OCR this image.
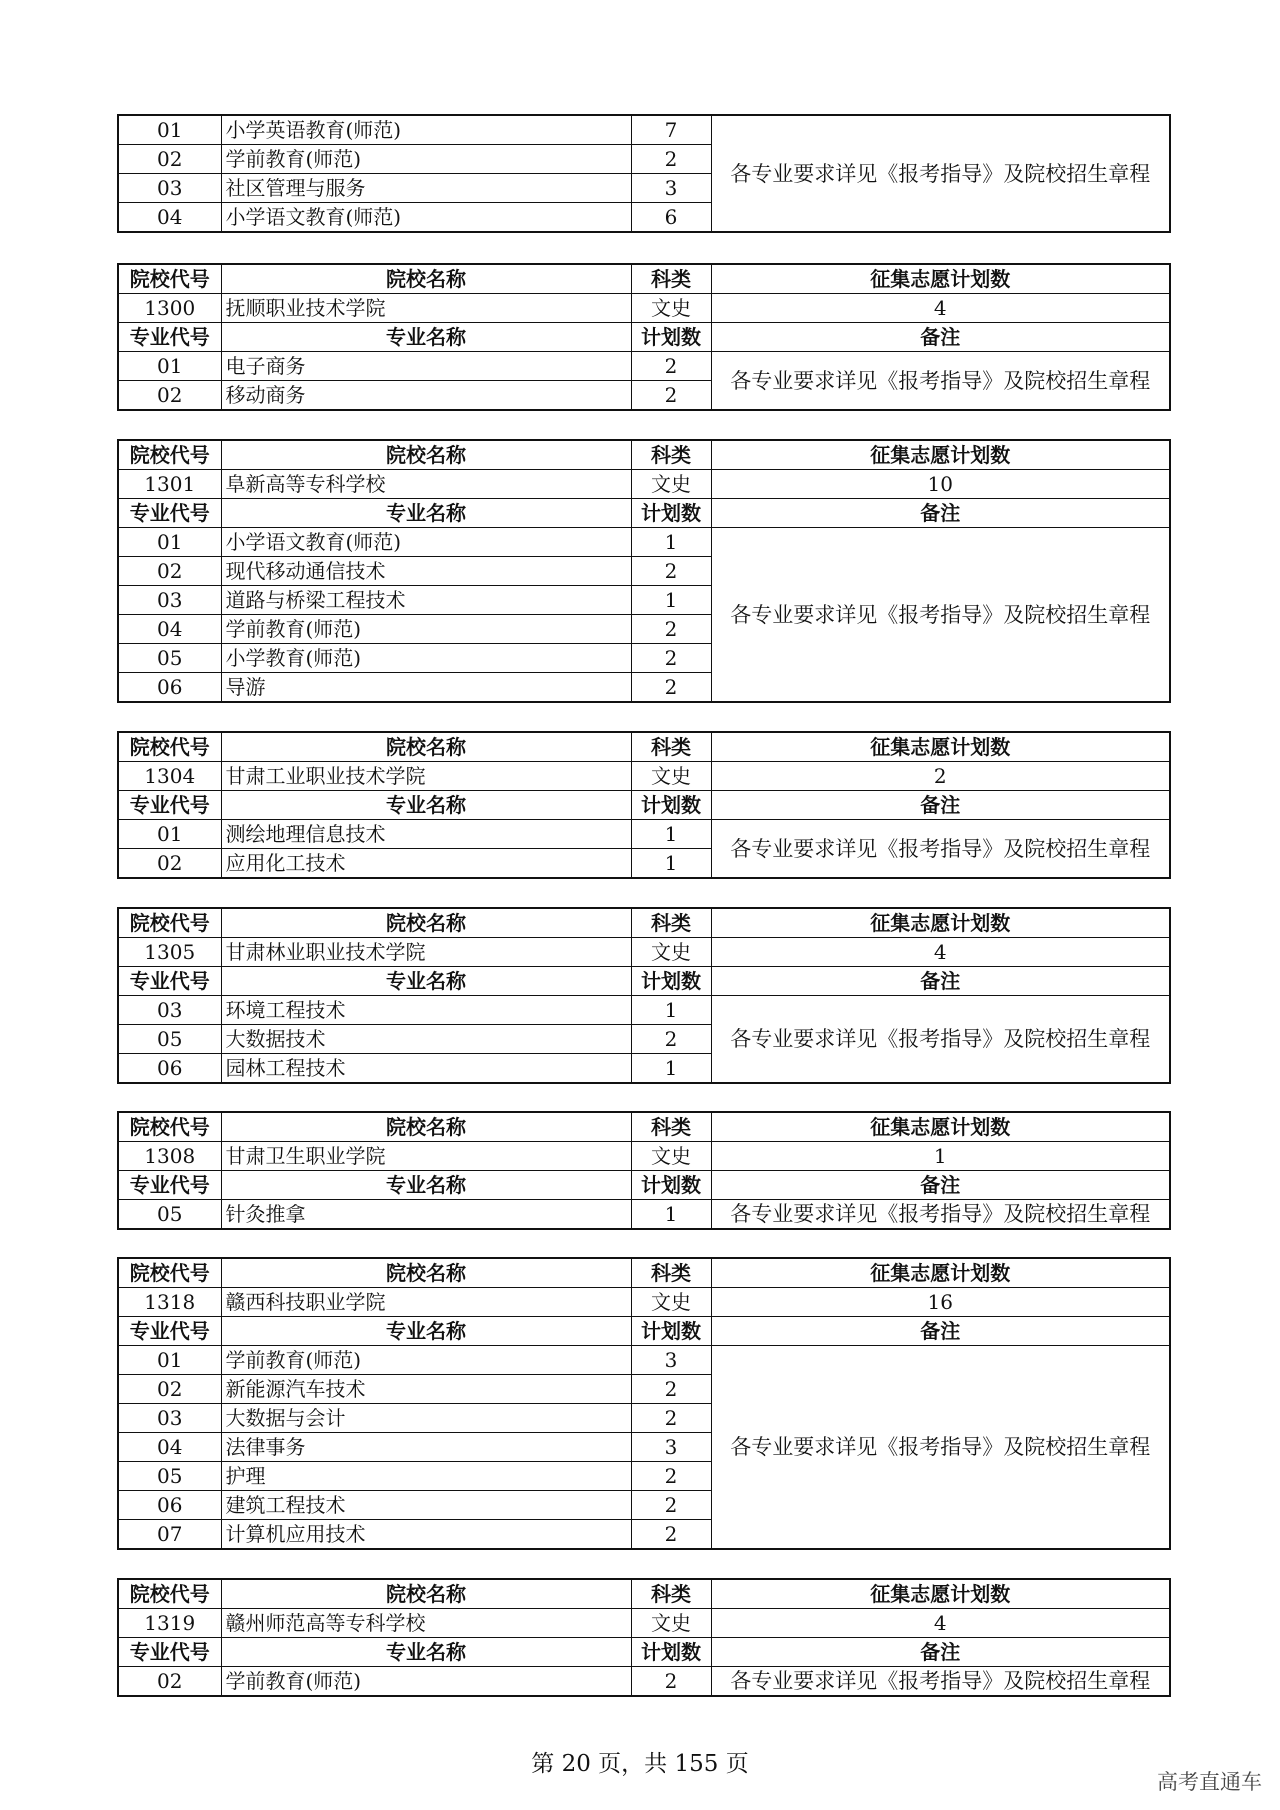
01	小学英语教育(师范)	7	各专业要求详见《报考指导》及院校招生章程
02	学前教育(师范)	2	
03	社区管理与服务	3	
04	小学语文教育(师范)	6	
院校代号	院校名称	科类	征集志愿计划数
1300	抚顺职业技术学院	文史	4
专业代号	专业名称	计划数	备注
01	电子商务	2	各专业要求详见《报考指导》及院校招生章程
02	移动商务	2	
院校代号	院校名称	科类	征集志愿计划数
1301	阜新高等专科学校	文史	10
专业代号	专业名称	计划数	备注
01	小学语文教育(师范)	1	各专业要求详见《报考指导》及院校招生章程
02	现代移动通信技术	2	
03	道路与桥梁工程技术	1	
04	学前教育(师范)	2	
05	小学教育(师范)	2	
06	导游	2	
院校代号	院校名称	科类	征集志愿计划数
1304	甘肃工业职业技术学院	文史	2
专业代号	专业名称	计划数	备注
01	测绘地理信息技术	1	各专业要求详见《报考指导》及院校招生章程
02	应用化工技术	1	
院校代号	院校名称	科类	征集志愿计划数
1305	甘肃林业职业技术学院	文史	4
专业代号	专业名称	计划数	备注
03	环境工程技术	1	各专业要求详见《报考指导》及院校招生章程
05	大数据技术	2	
06	园林工程技术	1	
院校代号	院校名称	科类	征集志愿计划数
1308	甘肃卫生职业学院	文史	1
专业代号	专业名称	计划数	备注
05	针灸推拿	1	各专业要求详见《报考指导》及院校招生章程
院校代号	院校名称	科类	征集志愿计划数
1318	赣西科技职业学院	文史	16
专业代号	专业名称	计划数	备注
01	学前教育(师范)	3	各专业要求详见《报考指导》及院校招生章程
02	新能源汽车技术	2	
03	大数据与会计	2	
04	法律事务	3	
05	护理	2	
06	建筑工程技术	2	
07	计算机应用技术	2	
院校代号	院校名称	科类	征集志愿计划数
1319	赣州师范高等专科学校	文史	4
专业代号	专业名称	计划数	备注
02	学前教育(师范)	2	各专业要求详见《报考指导》及院校招生章程
第 20 页，共 155 页
高考直通车
